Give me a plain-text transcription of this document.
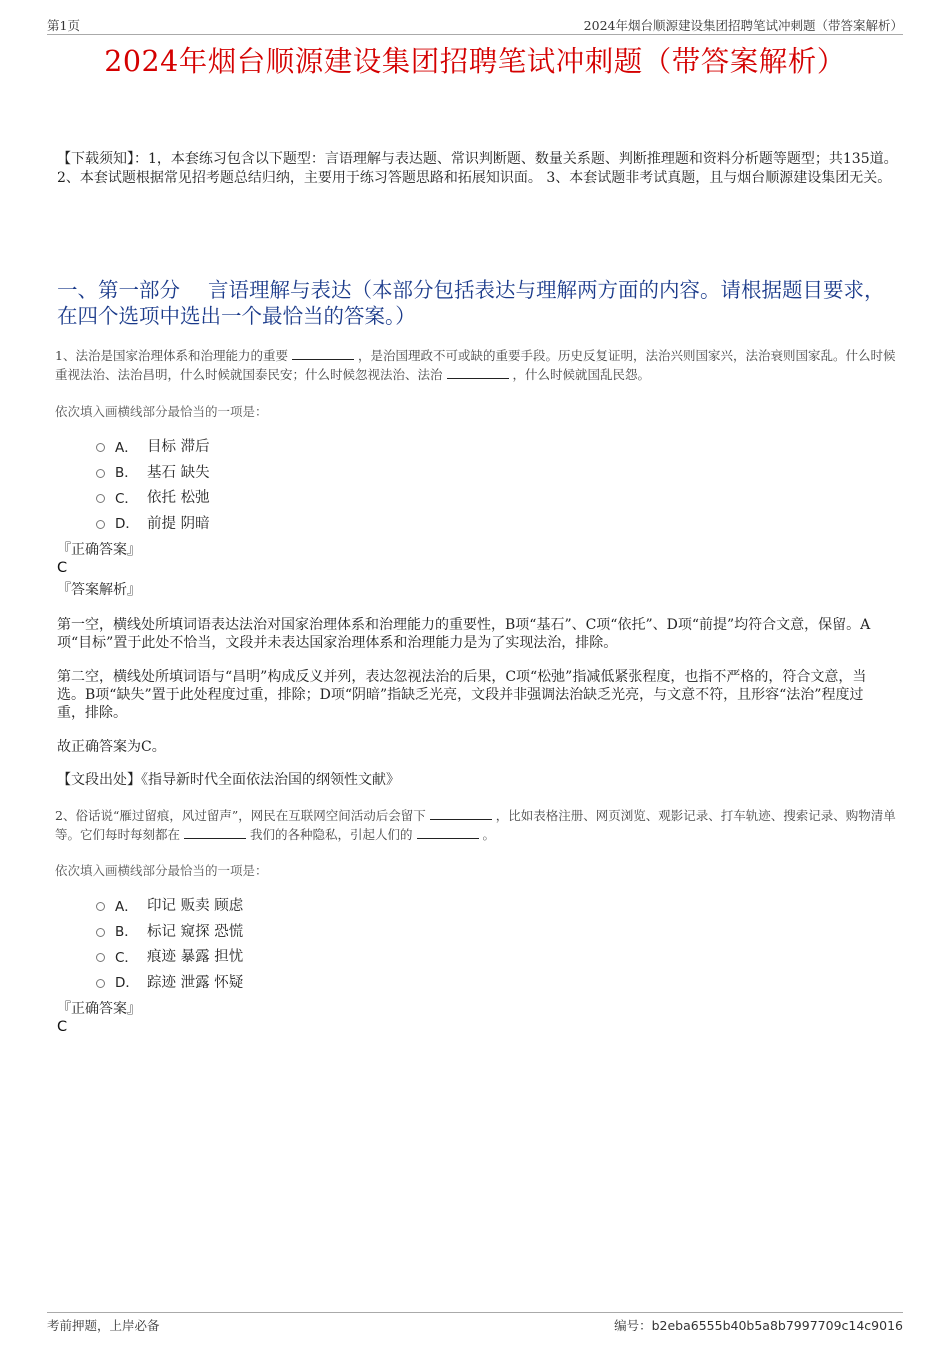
第1页	2024年烟台顺源建设集团招聘笔试冲刺题（带答案解析）
2024年烟台顺源建设集团招聘笔试冲刺题（带答案解析）
【下载须知】：1，本套练习包含以下题型：言语理解与表达题、常识判断题、数量关系题、判断推理题和资料分析题等题型；共135道。 2、本套试题根据常见招考题总结归纳，主要用于练习答题思路和拓展知识面。 3、本套试题非考试真题，且与烟台顺源建设集团无关。
一、第一部分 言语理解与表达（本部分包括表达与理解两方面的内容。请根据题目要求，在四个选项中选出一个最恰当的答案。）
1、法治是国家治理体系和治理能力的重要	，是治国理政不可或缺的重要手段。历史反复证明，法治兴则国家兴，法治衰则国家乱。什么时候重视法治、法治昌明，什么时候就国泰民安；什么时候忽视法治、法治	，什么时候就国乱民怨。
依次填入画横线部分最恰当的一项是：
A． 目标 滞后
B． 基石 缺失
C． 依托 松弛
D． 前提 阴暗
『正确答案』
C
『答案解析』
第一空，横线处所填词语表达法治对国家治理体系和治理能力的重要性，B项“基石”、C项“依托”、D项“前提”均符合文意，保留。A项“目标”置于此处不恰当，文段并未表达国家治理体系和治理能力是为了实现法治，排除。
第二空，横线处所填词语与“昌明”构成反义并列，表达忽视法治的后果，C项“松弛”指减低紧张程度，也指不严格的，符合文意，当选。B项“缺失”置于此处程度过重，排除；D项“阴暗”指缺乏光亮，文段并非强调法治缺乏光亮，与文意不符，且形容“法治”程度过重，排除。
故正确答案为C。
【文段出处】《指导新时代全面依法治国的纲领性文献》
2、俗话说“雁过留痕，风过留声”，网民在互联网空间活动后会留下	，比如表格注册、网页浏览、观影记录、打车轨迹、搜索记录、购物清单等。它们每时每刻都在	我们的各种隐私，引起人们的	。
依次填入画横线部分最恰当的一项是：
A． 印记 贩卖 顾虑
B． 标记 窥探 恐慌
C． 痕迹 暴露 担忧
D． 踪迹 泄露 怀疑
『正确答案』
C
考前押题，上岸必备	编号：b2eba6555b40b5a8b7997709c14c9016
